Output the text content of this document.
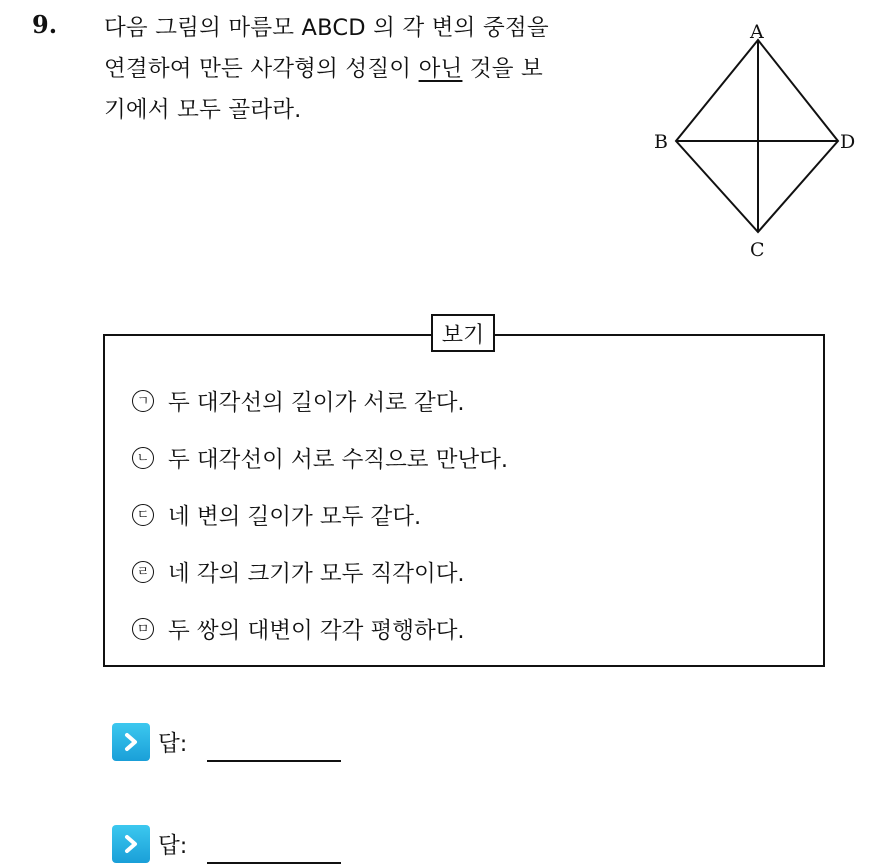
9. 다음 그림의 마름모 ABCD 의 각 변의 중점을
연결하여 만든 사각형의 성질이 아닌 것을 보
기에서 모두 골라라.
A
B
C
D
보기
ㄱ 두 대각선의 길이가 서로 같다.
ㄴ 두 대각선이 서로 수직으로 만난다.
ㄷ 네 변의 길이가 모두 같다.
ㄹ 네 각의 크기가 모두 직각이다.
ㅁ 두 쌍의 대변이 각각 평행하다.
답:
답:
